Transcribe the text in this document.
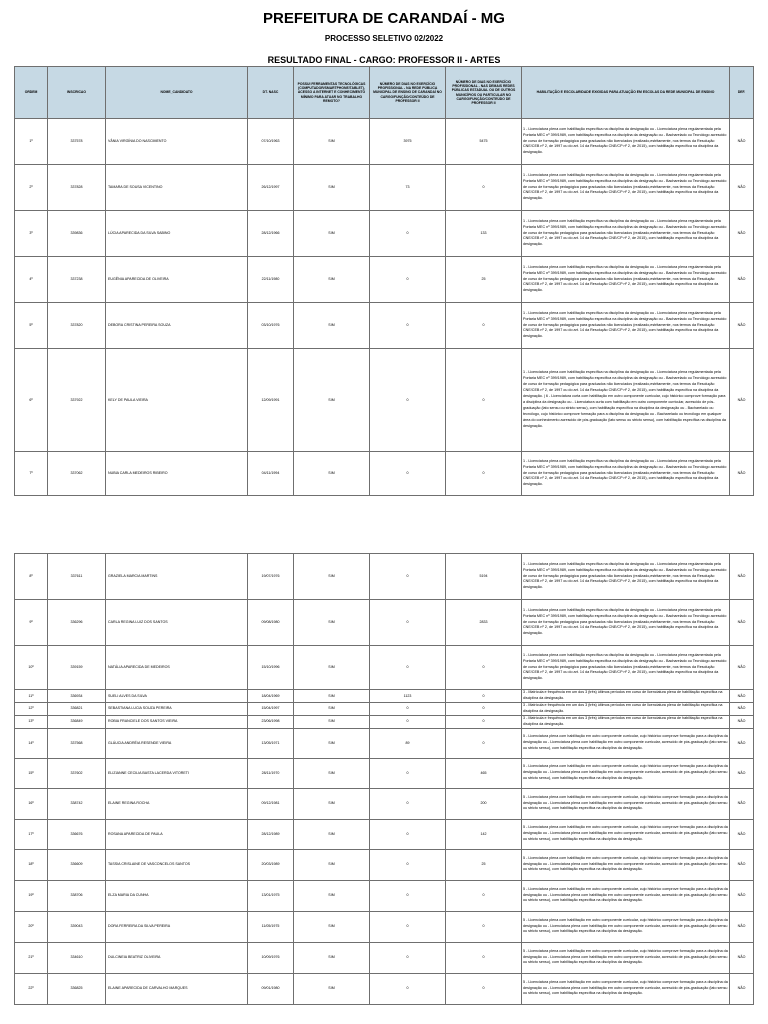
PREFEITURA DE CARANDAÍ - MG
PROCESSO SELETIVO 02/2022
RESULTADO FINAL - CARGO: PROFESSOR II - ARTES
ORDEM	INSCRICAO	NOME_CANDIDATO	DT. NASC	POSSUI FERRAMENTAS TECNOLÓGICAS (COMPUTADOR/SMARTPHONE/TABLET), ACESSO A INTERNET E CONHECIMENTO MÍNIMO PARA ATUAR NO TRABALHO REMOTO?	NÚMERO DE DIAS NO EXERCÍCIO PROFISSIONAL - NA REDE PÚBLICA MUNICIPAL DE ENSINO DE CARANDAÍ NO CARGO/FUNÇÃO/CONTEÚDO DE PROFESSOR II	NÚMERO DE DIAS NO EXERCÍCIO PROFISSIONAL - NAS DEMAIS REDES PÚBLICAS ESTADUAL OU DE OUTROS MUNICÍPIOS OU PARTICULAR NO CARGO/FUNÇÃO/CONTEÚDO DE PROFESSOR II	HABILITAÇÃO E ESCOLARIDADE EXIGIDAS PARA ATUAÇÃO EM ESCOLAS DA REDE MUNICIPAL DE ENSINO	DEF.
1º	337578	VÂNIA VIRGÍNIA DO NASCIMENTO	07/10/1963	SIM	3975	5475	1 - Licenciatura plena com habilitação específica na disciplina da designação ou - Licenciatura plena regulamentada pela Portaria MEC nº 399/1989, com habilitação específica na disciplina da designação ou - Bacharelado ou Tecnólogo acrescido de curso de formação pedagógica para graduados não licenciados (realizado,estritamente, nos termos da Resolução CNE/CEB nº 2, de 1997 ou do art. 14 da Resolução CNE/CP nº 2, de 2015), com habilitação específica na disciplina da designação.	NÃO
2º	337828	TAMARA DE SOUSA VICENTINO	26/12/1997	SIM	73	0	1 - Licenciatura plena com habilitação específica na disciplina da designação ou - Licenciatura plena regulamentada pela Portaria MEC nº 399/1989, com habilitação específica na disciplina da designação ou - Bacharelado ou Tecnólogo acrescido de curso de formação pedagógica para graduados não licenciados (realizado,estritamente, nos termos da Resolução CNE/CEB nº 2, de 1997 ou do art. 14 da Resolução CNE/CP nº 2, de 2015), com habilitação específica na disciplina da designação.	NÃO
3º	339836	LÚCIA APARECIDA DA SILVA SABINO	28/12/1966	SIM	0	133	1 - Licenciatura plena com habilitação específica na disciplina da designação ou - Licenciatura plena regulamentada pela Portaria MEC nº 399/1989, com habilitação específica na disciplina da designação ou - Bacharelado ou Tecnólogo acrescido de curso de formação pedagógica para graduados não licenciados (realizado,estritamente, nos termos da Resolução CNE/CEB nº 2, de 1997 ou do art. 14 da Resolução CNE/CP nº 2, de 2015), com habilitação específica na disciplina da designação.	NÃO
4º	337238	EUGÊNIA APARECIDA DE OLIVEIRA	22/11/1980	SIM	0	25	1 - Licenciatura plena com habilitação específica na disciplina da designação ou - Licenciatura plena regulamentada pela Portaria MEC nº 399/1989, com habilitação específica na disciplina da designação ou - Bacharelado ou Tecnólogo acrescido de curso de formação pedagógica para graduados não licenciados (realizado,estritamente, nos termos da Resolução CNE/CEB nº 2, de 1997 ou do art. 14 da Resolução CNE/CP nº 2, de 2015), com habilitação específica na disciplina da designação.	NÃO
5º	337820	DEBORA CRISTINA PEREIRA SOUZA	03/10/1976	SIM	0	0	1 - Licenciatura plena com habilitação específica na disciplina da designação ou - Licenciatura plena regulamentada pela Portaria MEC nº 399/1989, com habilitação específica na disciplina da designação ou - Bacharelado ou Tecnólogo acrescido de curso de formação pedagógica para graduados não licenciados (realizado,estritamente, nos termos da Resolução CNE/CEB nº 2, de 1997 ou do art. 14 da Resolução CNE/CP nº 2, de 2015), com habilitação específica na disciplina da designação.	NÃO
6º	337922	KELY DE PAULA VIEIRA	12/09/1991	SIM	0	0	1 - Licenciatura plena com habilitação específica na disciplina da designação ou - Licenciatura plena regulamentada pela Portaria MEC nº 399/1989, com habilitação específica na disciplina da designação ou - Bacharelado ou Tecnólogo acrescido de curso de formação pedagógica para graduados não licenciados (realizado,estritamente, nos termos da Resolução CNE/CEB nº 2, de 1997 ou do art. 14 da Resolução CNE/CP nº 2, de 2015), com habilitação específica na disciplina da designação. | 6 - Licenciatura curta com habilitação em outro componente curricular, cujo histórico comprove formação para a disciplina da designação ou - Licenciatura curta com habilitação em outro componente curricular, acrescido de pós-graduação (lato sensu ou stricto sensu), com habilitação específica na disciplina da designação ou - Bacharelado ou tecnólogo, cujo histórico comprove formação para a disciplina da designação ou - Bacharelado ou tecnólogo em qualquer área do conhecimento acrescido de pós-graduação (lato sensu ou stricto sensu), com habilitação específica na disciplina da designação.	NÃO
7º	337062	NUBIA CARLA MEDEIROS RIBEIRO	04/11/1994	SIM	0	0	1 - Licenciatura plena com habilitação específica na disciplina da designação ou - Licenciatura plena regulamentada pela Portaria MEC nº 399/1989, com habilitação específica na disciplina da designação ou - Bacharelado ou Tecnólogo acrescido de curso de formação pedagógica para graduados não licenciados (realizado,estritamente, nos termos da Resolução CNE/CEB nº 2, de 1997 ou do art. 14 da Resolução CNE/CP nº 2, de 2015), com habilitação específica na disciplina da designação.	NÃO
8º	337611	GRAZIELA MARCIA MARTINS	19/07/1976	SIM	0	5194	1 - Licenciatura plena com habilitação específica na disciplina da designação ou - Licenciatura plena regulamentada pela Portaria MEC nº 399/1989, com habilitação específica na disciplina da designação ou - Bacharelado ou Tecnólogo acrescido de curso de formação pedagógica para graduados não licenciados (realizado,estritamente, nos termos da Resolução CNE/CEB nº 2, de 1997 ou do art. 14 da Resolução CNE/CP nº 2, de 2015), com habilitação específica na disciplina da designação.	NÃO
9º	336296	CARLA REGINA LUIZ DOS SANTOS	09/08/1980	SIM	0	2833	1 - Licenciatura plena com habilitação específica na disciplina da designação ou - Licenciatura plena regulamentada pela Portaria MEC nº 399/1989, com habilitação específica na disciplina da designação ou - Bacharelado ou Tecnólogo acrescido de curso de formação pedagógica para graduados não licenciados (realizado,estritamente, nos termos da Resolução CNE/CEB nº 2, de 1997 ou do art. 14 da Resolução CNE/CP nº 2, de 2015), com habilitação específica na disciplina da designação.	NÃO
10º	339159	NATÁLIA APARECIDA DE MEDEIROS	15/10/1996	SIM	0	0	1 - Licenciatura plena com habilitação específica na disciplina da designação ou - Licenciatura plena regulamentada pela Portaria MEC nº 399/1989, com habilitação específica na disciplina da designação ou - Bacharelado ou Tecnólogo acrescido de curso de formação pedagógica para graduados não licenciados (realizado,estritamente, nos termos da Resolução CNE/CEB nº 2, de 1997 ou do art. 14 da Resolução CNE/CP nº 2, de 2015), com habilitação específica na disciplina da designação.	NÃO
11º	336934	SUELI ALVES DA SILVA	18/04/1969	SIM	1123	0	3 - Matrícula e frequência em um dos 3 (três) últimos períodos em curso de licenciatura plena de habilitação específica na disciplina da designação.	NÃO
12º	336821	SEBASTIANA LUCIA SOUZA PEREIRA	15/04/1997	SIM	0	0	3 - Matrícula e frequência em um dos 3 (três) últimos períodos em curso de licenciatura plena de habilitação específica na disciplina da designação.	NÃO
13º	336849	ROBIA FRANCIELE DOS SANTOS VIEIRA	23/06/1998	SIM	0	0	3 - Matrícula e frequência em um dos 3 (três) últimos períodos em curso de licenciatura plena de habilitação específica na disciplina da designação.	NÃO
14º	337568	GLÁUCIA ANDRÉIA RESENDE VIEIRA	13/05/1971	SIM	89	0	5 - Licenciatura plena com habilitação em outro componente curricular, cujo histórico comprove formação para a disciplina da designação ou - Licenciatura plena com habilitação em outro componente curricular, acrescido de pós-graduação (lato sensu ou stricto sensu), com habilitação específica na disciplina da designação.	NÃO
15º	337602	ELIZIANNE CECILIA BASTA LACERDA VITORETI	28/11/1970	SIM	0	465	5 - Licenciatura plena com habilitação em outro componente curricular, cujo histórico comprove formação para a disciplina da designação ou - Licenciatura plena com habilitação em outro componente curricular, acrescido de pós-graduação (lato sensu ou stricto sensu), com habilitação específica na disciplina da designação.	NÃO
16º	338742	ELAINE REGINA ROCHA	09/12/1981	SIM	0	200	5 - Licenciatura plena com habilitação em outro componente curricular, cujo histórico comprove formação para a disciplina da designação ou - Licenciatura plena com habilitação em outro componente curricular, acrescido de pós-graduação (lato sensu ou stricto sensu), com habilitação específica na disciplina da designação.	NÃO
17º	336676	ROSANA APARECIDA DE PAULA	28/12/1989	SIM	0	142	5 - Licenciatura plena com habilitação em outro componente curricular, cujo histórico comprove formação para a disciplina da designação ou - Licenciatura plena com habilitação em outro componente curricular, acrescido de pós-graduação (lato sensu ou stricto sensu), com habilitação específica na disciplina da designação.	NÃO
18º	336609	TASSIA CRISLAINE DE VASCONCELOS SANTOS	20/03/1989	SIM	0	25	5 - Licenciatura plena com habilitação em outro componente curricular, cujo histórico comprove formação para a disciplina da designação ou - Licenciatura plena com habilitação em outro componente curricular, acrescido de pós-graduação (lato sensu ou stricto sensu), com habilitação específica na disciplina da designação.	NÃO
19º	338706	ELZA MARIA DA CUNHA	13/01/1975	SIM	0	0	5 - Licenciatura plena com habilitação em outro componente curricular, cujo histórico comprove formação para a disciplina da designação ou - Licenciatura plena com habilitação em outro componente curricular, acrescido de pós-graduação (lato sensu ou stricto sensu), com habilitação específica na disciplina da designação.	NÃO
20º	339043	DORA FERREIRA DA SILVA PEREIRA	11/05/1975	SIM	0	0	5 - Licenciatura plena com habilitação em outro componente curricular, cujo histórico comprove formação para a disciplina da designação ou - Licenciatura plena com habilitação em outro componente curricular, acrescido de pós-graduação (lato sensu ou stricto sensu), com habilitação específica na disciplina da designação.	NÃO
21º	334610	DULCINEIA BEATRIZ OLIVEIRA	10/09/1976	SIM	0	0	5 - Licenciatura plena com habilitação em outro componente curricular, cujo histórico comprove formação para a disciplina da designação ou - Licenciatura plena com habilitação em outro componente curricular, acrescido de pós-graduação (lato sensu ou stricto sensu), com habilitação específica na disciplina da designação.	NÃO
22º	336825	ELAINE APARECIDA DE CARVALHO MARQUES	09/01/1980	SIM	0	0	5 - Licenciatura plena com habilitação em outro componente curricular, cujo histórico comprove formação para a disciplina da designação ou - Licenciatura plena com habilitação em outro componente curricular, acrescido de pós-graduação (lato sensu ou stricto sensu), com habilitação específica na disciplina da designação.	NÃO
